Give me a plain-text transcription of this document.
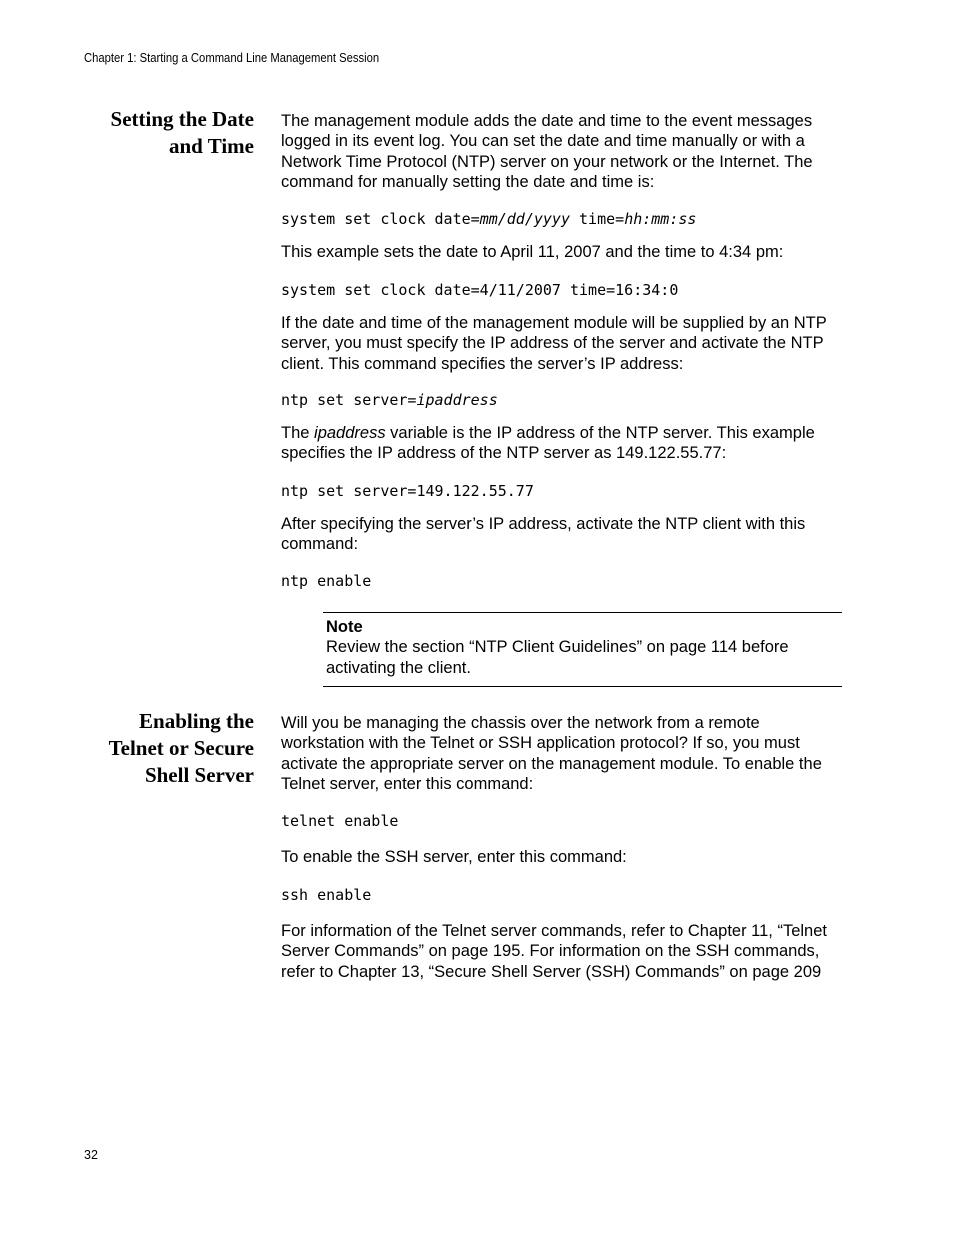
Chapter 1: Starting a Command Line Management Session
Setting the Date
and Time

The management module adds the date and time to the event messages logged in its event log. You can set the date and time manually or with a Network Time Protocol (NTP) server on your network or the Internet. The command for manually setting the date and time is:

system set clock date=mm/dd/yyyy time=hh:mm:ss

This example sets the date to April 11, 2007 and the time to 4:34 pm:

system set clock date=4/11/2007 time=16:34:0

If the date and time of the management module will be supplied by an NTP server, you must specify the IP address of the server and activate the NTP client. This command specifies the server’s IP address:

ntp set server=ipaddress

The ipaddress variable is the IP address of the NTP server. This example specifies the IP address of the NTP server as 149.122.55.77:

ntp set server=149.122.55.77

After specifying the server’s IP address, activate the NTP client with this command:

ntp enable
Note
Review the section “NTP Client Guidelines” on page 114 before activating the client.
Enabling the
Telnet or Secure
Shell Server

Will you be managing the chassis over the network from a remote workstation with the Telnet or SSH application protocol? If so, you must activate the appropriate server on the management module. To enable the Telnet server, enter this command:

telnet enable

To enable the SSH server, enter this command:

ssh enable

For information of the Telnet server commands, refer to Chapter 11, “Telnet Server Commands” on page 195. For information on the SSH commands, refer to Chapter 13, “Secure Shell Server (SSH) Commands” on page 209

32
